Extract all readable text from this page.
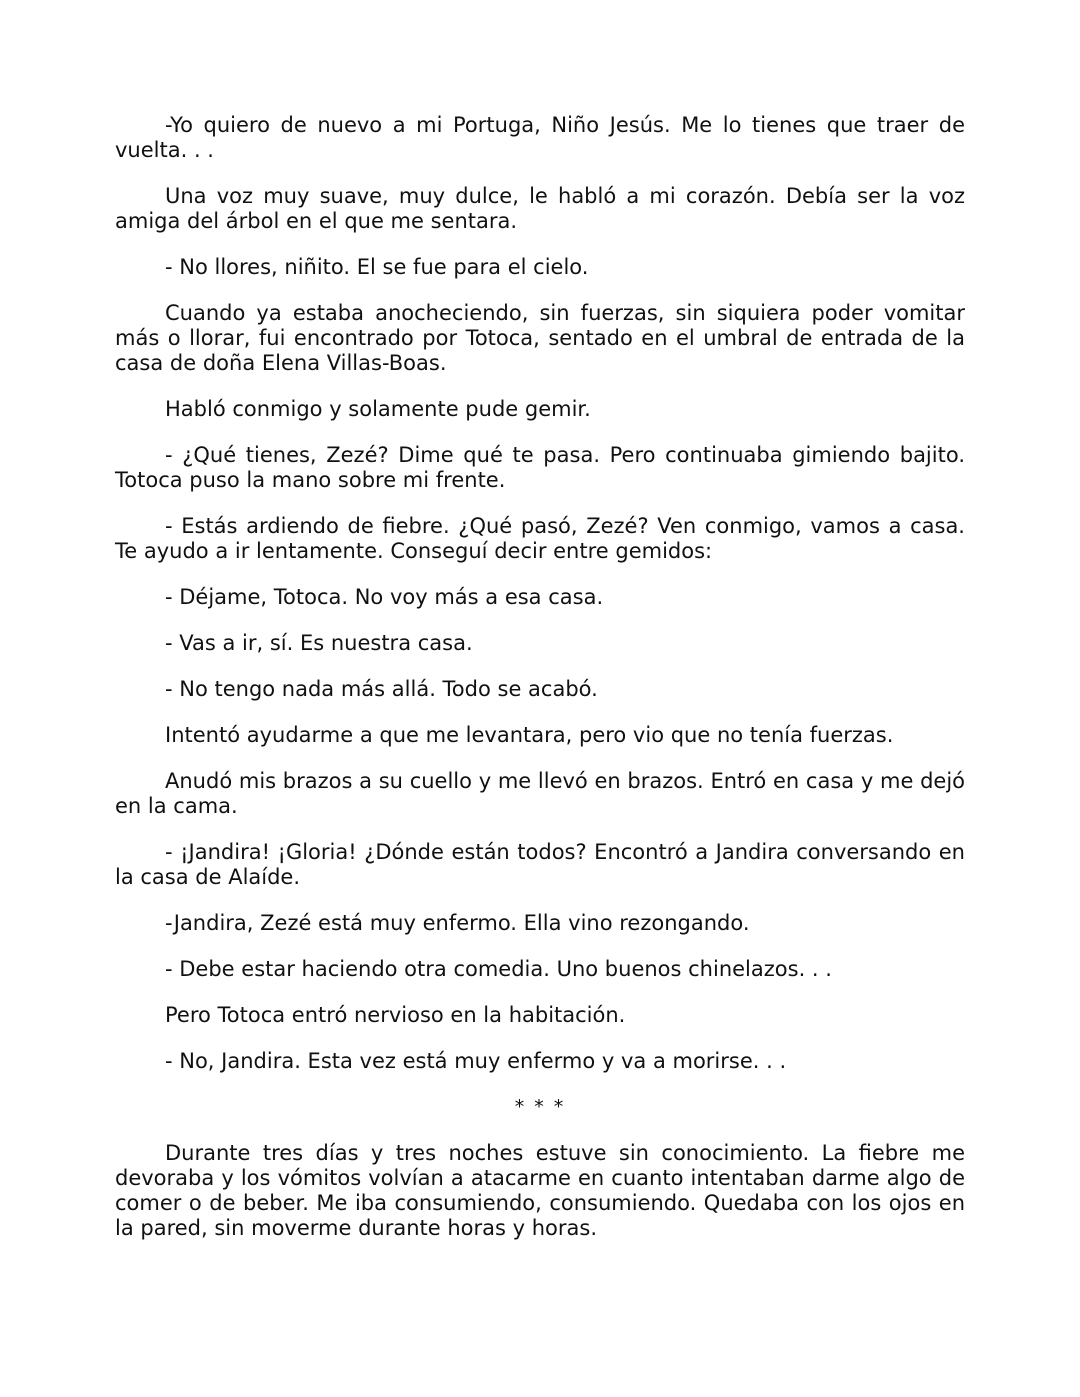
-Yo quiero de nuevo a mi Portuga, Niño Jesús. Me lo tienes que traer de vuelta. . .

Una voz muy suave, muy dulce, le habló a mi corazón. Debía ser la voz amiga del árbol en el que me sentara.

- No llores, niñito. El se fue para el cielo.

Cuando ya estaba anocheciendo, sin fuerzas, sin siquiera poder vomitar más o llorar, fui encontrado por Totoca, sentado en el umbral de entrada de la casa de doña Elena Villas-Boas.

Habló conmigo y solamente pude gemir.

- ¿Qué tienes, Zezé? Dime qué te pasa. Pero continuaba gimiendo bajito. Totoca puso la mano sobre mi frente.

- Estás ardiendo de fiebre. ¿Qué pasó, Zezé? Ven conmigo, vamos a casa. Te ayudo a ir lentamente. Conseguí decir entre gemidos:

- Déjame, Totoca. No voy más a esa casa.

- Vas a ir, sí. Es nuestra casa.

- No tengo nada más allá. Todo se acabó.

Intentó ayudarme a que me levantara, pero vio que no tenía fuerzas.

Anudó mis brazos a su cuello y me llevó en brazos. Entró en casa y me dejó en la cama.

- ¡Jandira! ¡Gloria! ¿Dónde están todos? Encontró a Jandira conversando en la casa de Alaíde.

-Jandira, Zezé está muy enfermo. Ella vino rezongando.

- Debe estar haciendo otra comedia. Uno buenos chinelazos. . .

Pero Totoca entró nervioso en la habitación.

- No, Jandira. Esta vez está muy enfermo y va a morirse. . .

* * *

Durante tres días y tres noches estuve sin conocimiento. La fiebre me devoraba y los vómitos volvían a atacarme en cuanto intentaban darme algo de comer o de beber. Me iba consumiendo, consumiendo. Quedaba con los ojos en la pared, sin moverme durante horas y horas.
